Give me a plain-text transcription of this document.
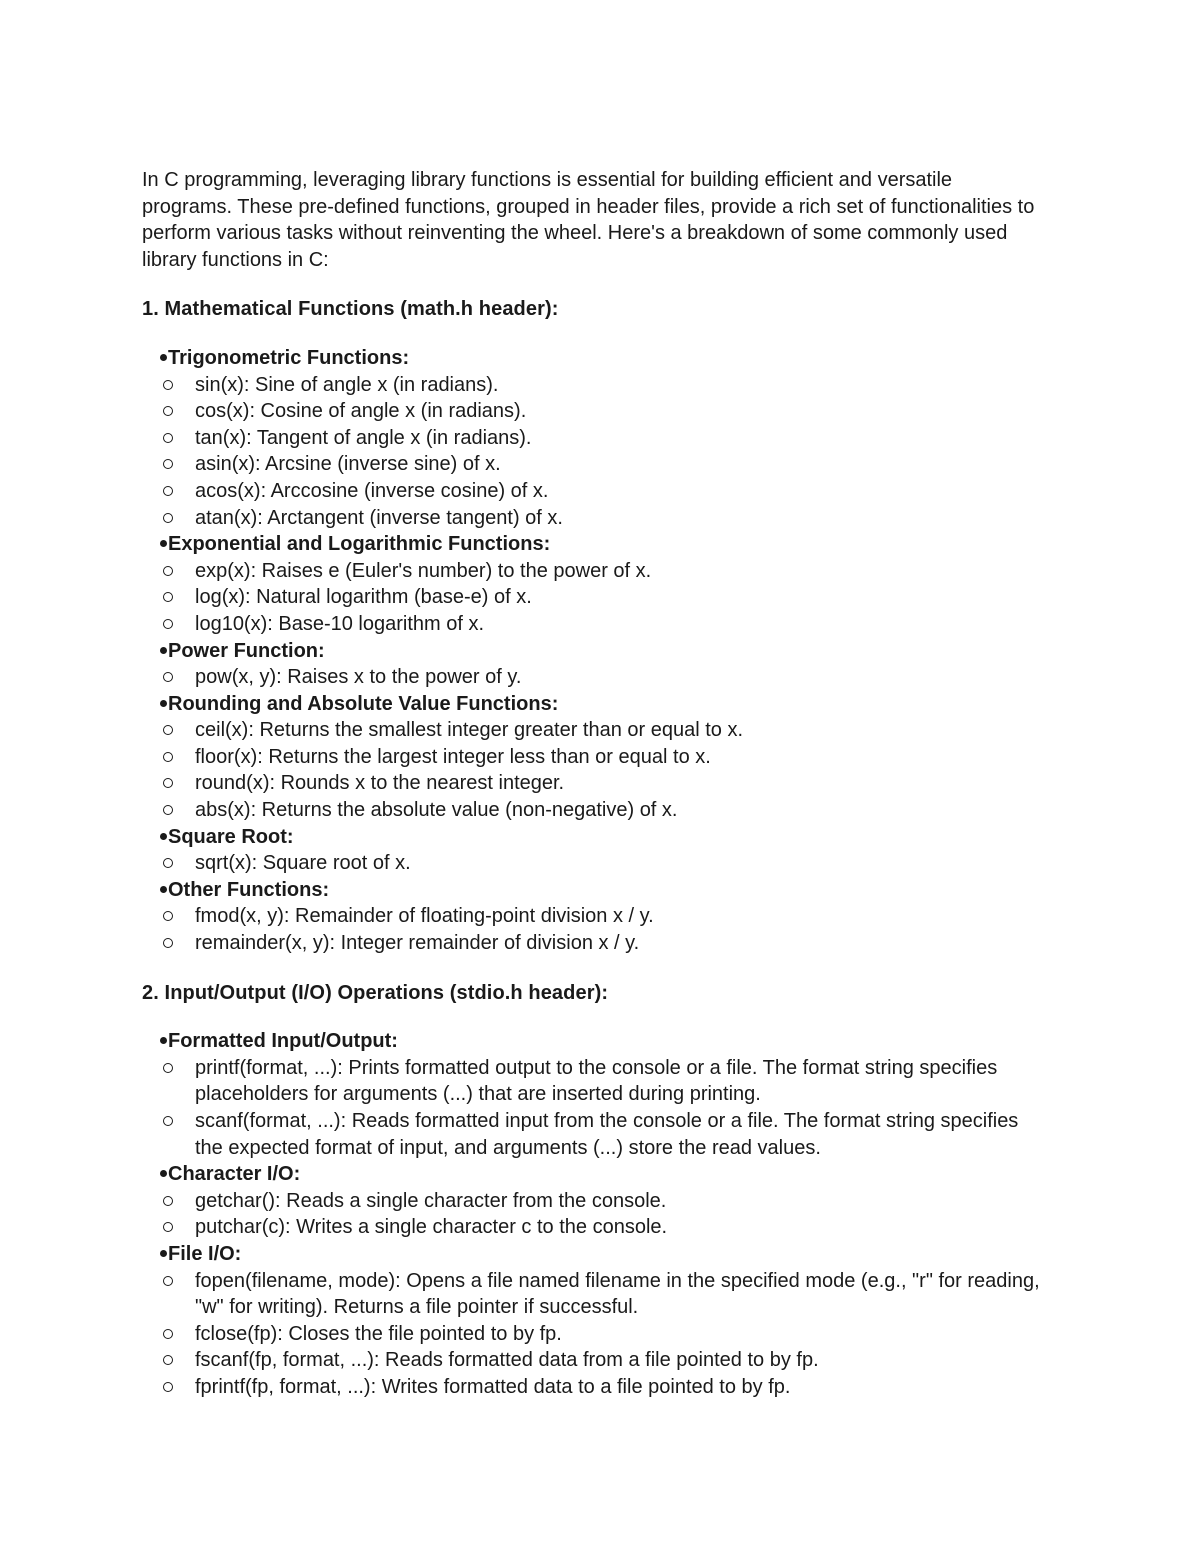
In C programming, leveraging library functions is essential for building efficient and versatile programs. These pre-defined functions, grouped in header files, provide a rich set of functionalities to perform various tasks without reinventing the wheel. Here's a breakdown of some commonly used library functions in C:

1. Mathematical Functions (math.h header):
Trigonometric Functions:
sin(x): Sine of angle x (in radians).
cos(x): Cosine of angle x (in radians).
tan(x): Tangent of angle x (in radians).
asin(x): Arcsine (inverse sine) of x.
acos(x): Arccosine (inverse cosine) of x.
atan(x): Arctangent (inverse tangent) of x.
Exponential and Logarithmic Functions:
exp(x): Raises e (Euler's number) to the power of x.
log(x): Natural logarithm (base-e) of x.
log10(x): Base-10 logarithm of x.
Power Function:
pow(x, y): Raises x to the power of y.
Rounding and Absolute Value Functions:
ceil(x): Returns the smallest integer greater than or equal to x.
floor(x): Returns the largest integer less than or equal to x.
round(x): Rounds x to the nearest integer.
abs(x): Returns the absolute value (non-negative) of x.
Square Root:
sqrt(x): Square root of x.
Other Functions:
fmod(x, y): Remainder of floating-point division x / y.
remainder(x, y): Integer remainder of division x / y.
2. Input/Output (I/O) Operations (stdio.h header):
Formatted Input/Output:
printf(format, ...): Prints formatted output to the console or a file. The format string specifies placeholders for arguments (...) that are inserted during printing.
scanf(format, ...): Reads formatted input from the console or a file. The format string specifies the expected format of input, and arguments (...) store the read values.
Character I/O:
getchar(): Reads a single character from the console.
putchar(c): Writes a single character c to the console.
File I/O:
fopen(filename, mode): Opens a file named filename in the specified mode (e.g., "r" for reading, "w" for writing). Returns a file pointer if successful.
fclose(fp): Closes the file pointed to by fp.
fscanf(fp, format, ...): Reads formatted data from a file pointed to by fp.
fprintf(fp, format, ...): Writes formatted data to a file pointed to by fp.
